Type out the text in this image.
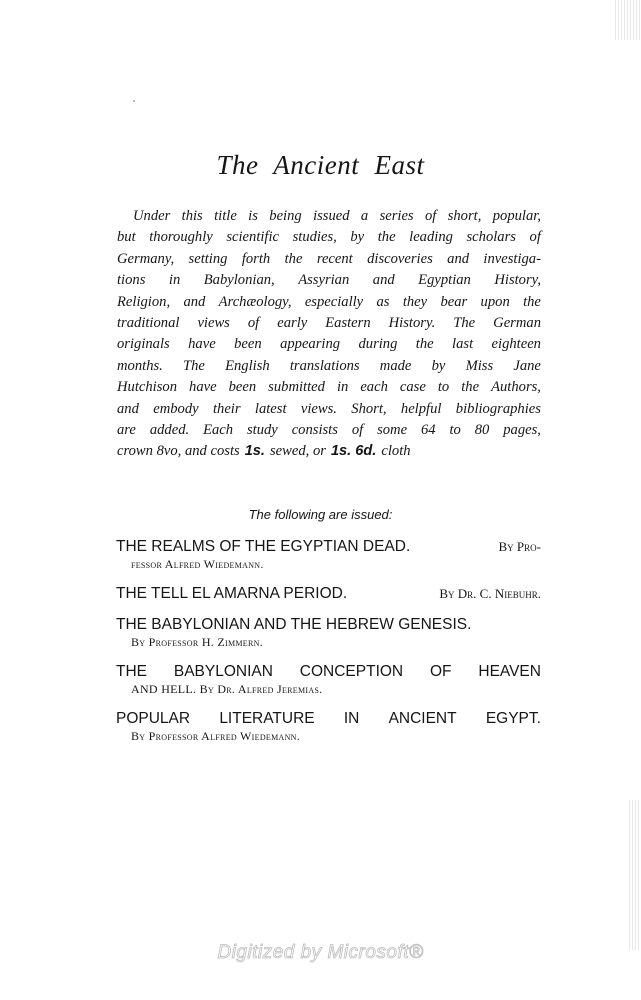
The Ancient East
Under this title is being issued a series of short, popular,
but thoroughly scientific studies, by the leading scholars of
Germany, setting forth the recent discoveries and investiga-
tions in Babylonian, Assyrian and Egyptian History,
Religion, and Archæology, especially as they bear upon the
traditional views of early Eastern History. The German
originals have been appearing during the last eighteen
months. The English translations made by Miss Jane
Hutchison have been submitted in each case to the Authors,
and embody their latest views. Short, helpful bibliographies
are added. Each study consists of some 64 to 80 pages,
crown 8vo, and costs 1s. sewed, or 1s. 6d. cloth
The following are issued:
THE REALMS OF THE EGYPTIAN DEAD.	By Pro-
fessor Alfred Wiedemann.
THE TELL EL AMARNA PERIOD.	By Dr. C. Niebuhr.
THE BABYLONIAN AND THE HEBREW GENESIS.
By Professor H. Zimmern.
THE BABYLONIAN CONCEPTION OF HEAVEN
AND HELL. By Dr. Alfred Jeremias.
POPULAR LITERATURE IN ANCIENT EGYPT.
By Professor Alfred Wiedemann.
Digitized by Microsoft®
